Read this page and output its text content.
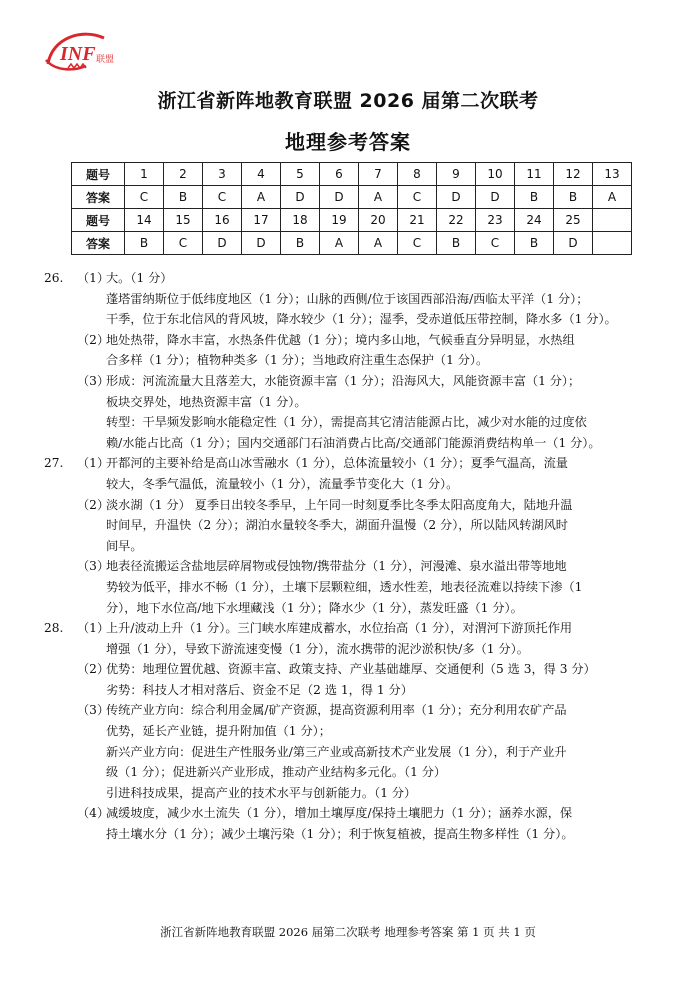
INF 联盟
浙江省新阵地教育联盟 2026 届第二次联考
地理参考答案
题号	1	2	3	4	5	6	7	8	9	10	11	12	13
答案	C	B	C	A	D	D	A	C	D	D	B	B	A
题号	14	15	16	17	18	19	20	21	22	23	24	25	
答案	B	C	D	D	B	A	A	C	B	C	B	D	
26. （1）
大。（1 分）
蓬塔雷纳斯位于低纬度地区（1 分）；山脉的西侧/位于该国西部沿海/西临太平洋（1 分）；
干季，位于东北信风的背风坡，降水较少（1 分）；湿季，受赤道低压带控制，降水多（1 分）。
（2）
地处热带，降水丰富，水热条件优越（1 分）；境内多山地，气候垂直分异明显，水热组
合多样（1 分）；植物种类多（1 分）；当地政府注重生态保护（1 分）。
（3）
形成：河流流量大且落差大，水能资源丰富（1 分）；沿海风大，风能资源丰富（1 分）；
板块交界处，地热资源丰富（1 分）。
转型：干旱频发影响水能稳定性（1 分），需提高其它清洁能源占比，减少对水能的过度依
赖/水能占比高（1 分）；国内交通部门石油消费占比高/交通部门能源消费结构单一（1 分）。
27. （1）
开都河的主要补给是高山冰雪融水（1 分），总体流量较小（1 分）；夏季气温高，流量
较大，冬季气温低，流量较小（1 分），流量季节变化大（1 分）。
（2）
淡水湖（1 分） 夏季日出较冬季早，上午同一时刻夏季比冬季太阳高度角大，陆地升温
时间早，升温快（2 分）；湖泊水量较冬季大，湖面升温慢（2 分），所以陆风转湖风时
间早。
（3）
地表径流搬运含盐地层碎屑物或侵蚀物/携带盐分（1 分），河漫滩、泉水溢出带等地地
势较为低平，排水不畅（1 分），土壤下层颗粒细，透水性差，地表径流难以持续下渗（1
分），地下水位高/地下水埋藏浅（1 分）；降水少（1 分），蒸发旺盛（1 分）。
28. （1）
上升/波动上升（1 分）。三门峡水库建成蓄水，水位抬高（1 分），对渭河下游顶托作用
增强（1 分），导致下游流速变慢（1 分），流水携带的泥沙淤积快/多（1 分）。
（2）
优势：地理位置优越、资源丰富、政策支持、产业基础雄厚、交通便利（5 选 3，得 3 分）
劣势：科技人才相对落后、资金不足（2 选 1，得 1 分）
（3）
传统产业方向：综合利用金属/矿产资源，提高资源利用率（1 分）；充分利用农矿产品
优势，延长产业链，提升附加值（1 分）；
新兴产业方向：促进生产性服务业/第三产业或高新技术产业发展（1 分），利于产业升
级（1 分）；促进新兴产业形成，推动产业结构多元化。（1 分）
引进科技成果，提高产业的技术水平与创新能力。（1 分）
（4）
减缓坡度，减少水土流失（1 分），增加土壤厚度/保持土壤肥力（1 分）；涵养水源，保
持土壤水分（1 分）；减少土壤污染（1 分）；利于恢复植被，提高生物多样性（1 分）。
浙江省新阵地教育联盟 2026 届第二次联考 地理参考答案 第 1 页 共 1 页
